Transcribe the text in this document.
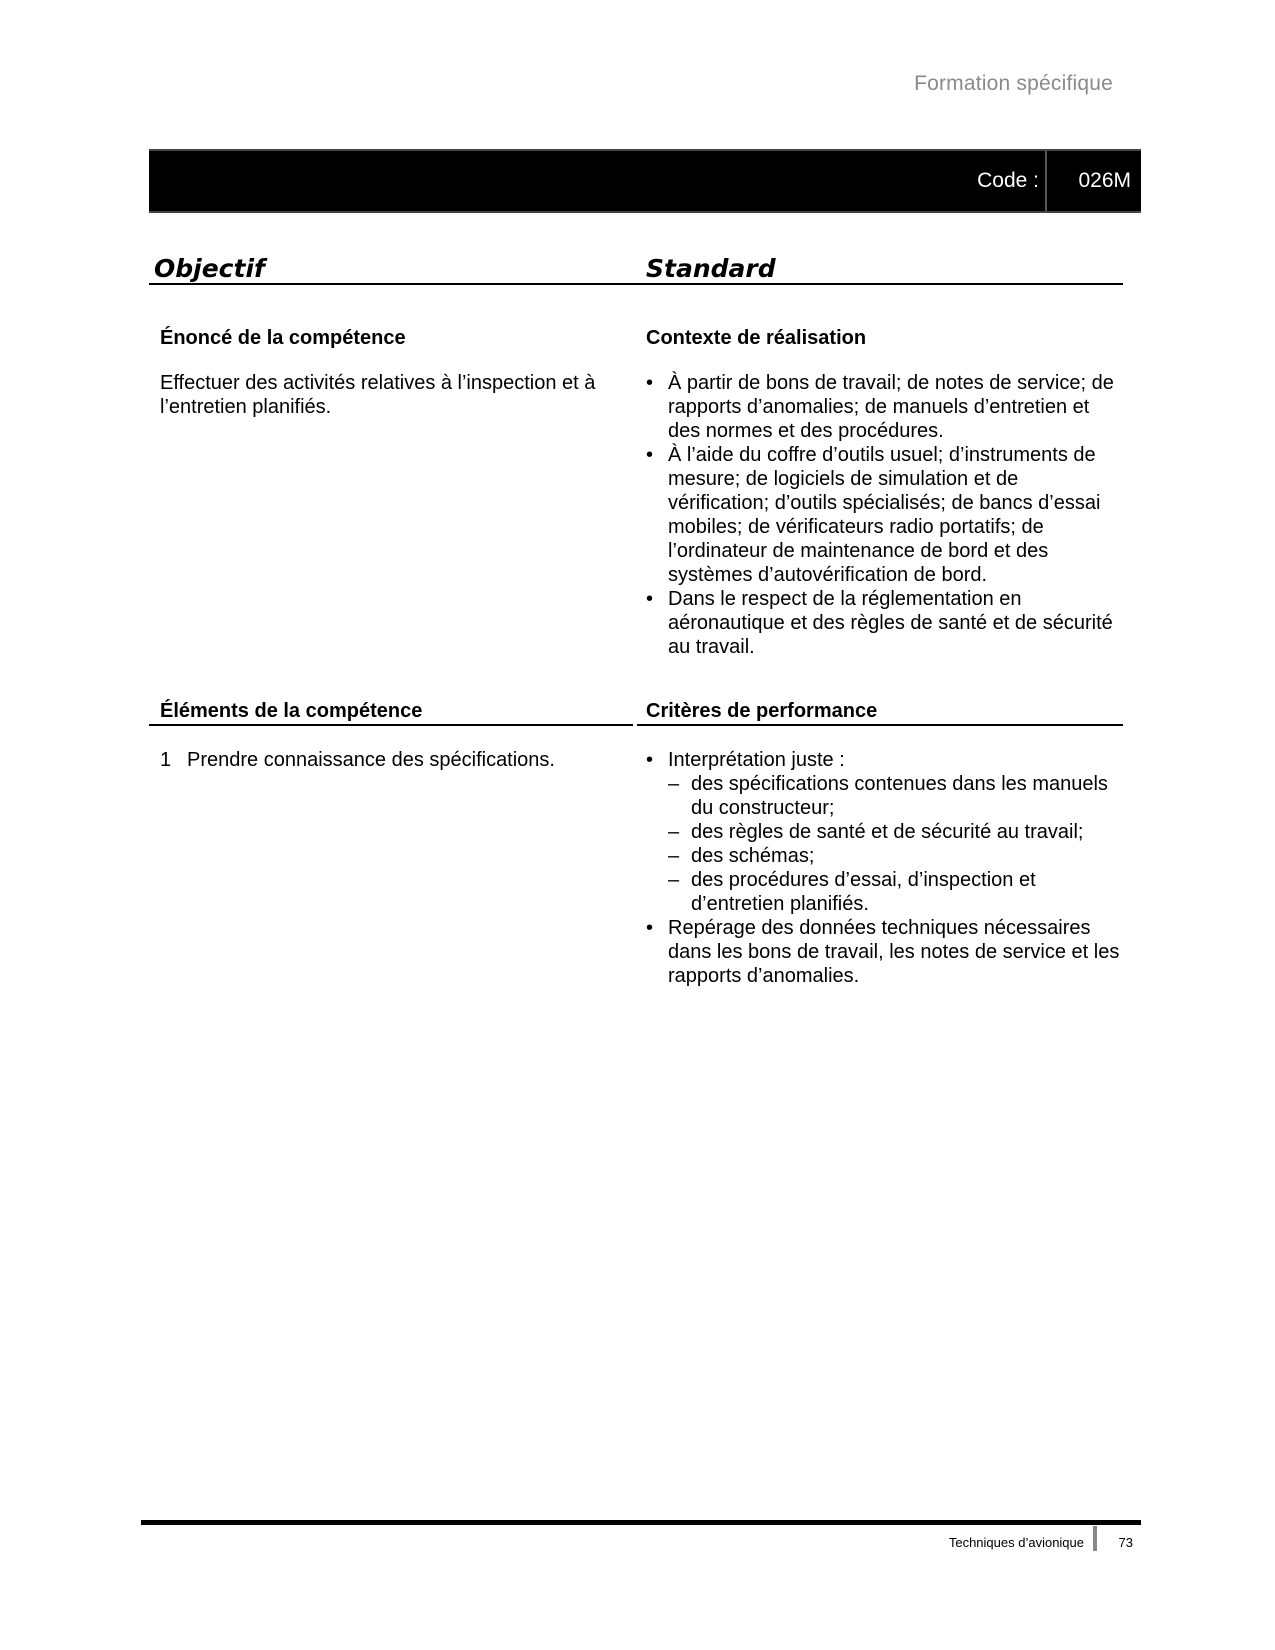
Formation spécifique
Code : 026M
Objectif	Standard
Énoncé de la compétence
Effectuer des activités relatives à l’inspection et à l’entretien planifiés.
Contexte de réalisation
• À partir de bons de travail; de notes de service; de rapports d’anomalies; de manuels d’entretien et des normes et des procédures.
• À l’aide du coffre d’outils usuel; d’instruments de mesure; de logiciels de simulation et de vérification; d’outils spécialisés; de bancs d’essai mobiles; de vérificateurs radio portatifs; de l’ordinateur de maintenance de bord et des systèmes d’autovérification de bord.
• Dans le respect de la réglementation en aéronautique et des règles de santé et de sécurité au travail.
Éléments de la compétence	Critères de performance
1 Prendre connaissance des spécifications.
•	Interprétation juste :
– des spécifications contenues dans les manuels du constructeur;
– des règles de santé et de sécurité au travail;
– des schémas;
– des procédures d’essai, d’inspection et d’entretien planifiés.
• Repérage des données techniques nécessaires dans les bons de travail, les notes de service et les rapports d’anomalies.
Techniques d’avionique	73
